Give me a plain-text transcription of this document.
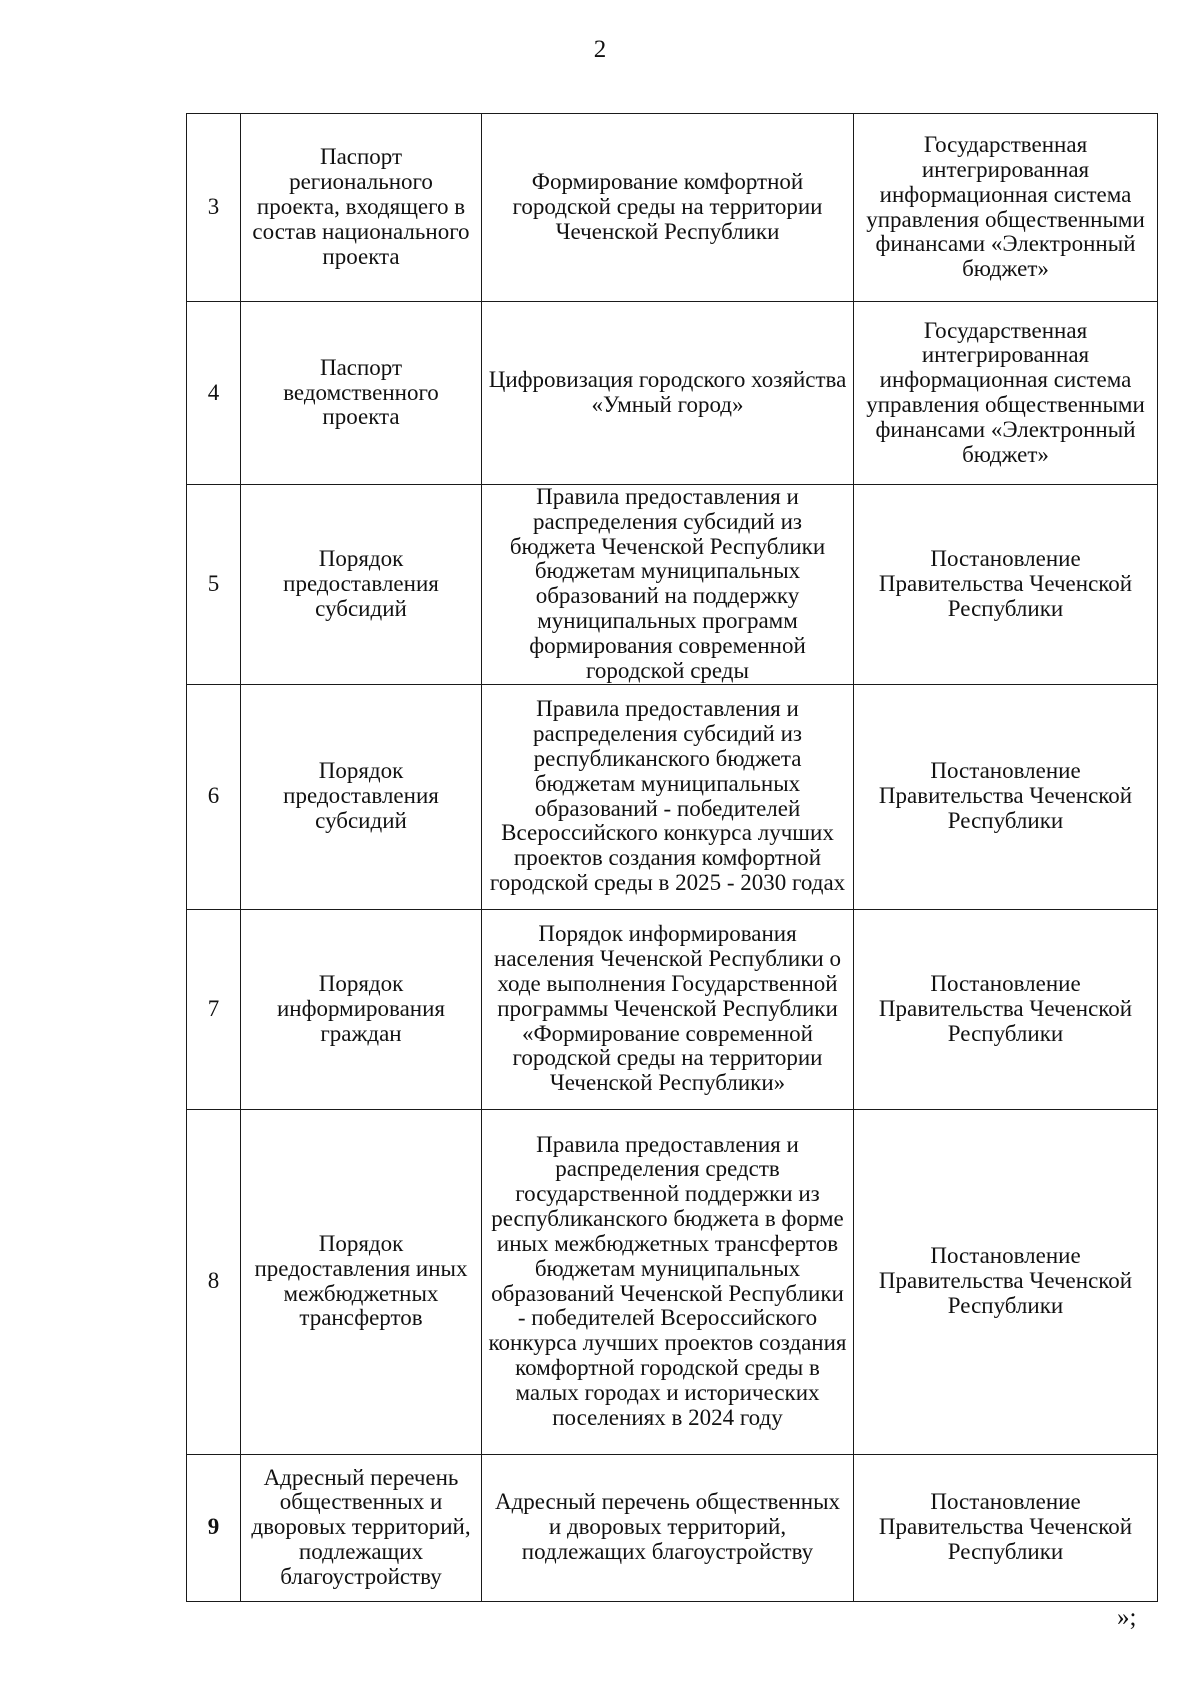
2
3	Паспорт регионального проекта, входящего в состав национального проекта	Формирование комфортной городской среды на территории Чеченской Республики	Государственная интегрированная информационная система управления общественными финансами «Электронный бюджет»
4	Паспорт ведомственного проекта	Цифровизация городского хозяйства «Умный город»	Государственная интегрированная информационная система управления общественными финансами «Электронный бюджет»
5	Порядок предоставления субсидий	Правила предоставления и распределения субсидий из бюджета Чеченской Республики бюджетам муниципальных образований на поддержку муниципальных программ формирования современной городской среды	Постановление Правительства Чеченской Республики
6	Порядок предоставления субсидий	Правила предоставления и распределения субсидий из республиканского бюджета бюджетам муниципальных образований - победителей Всероссийского конкурса лучших проектов создания комфортной городской среды в 2025 - 2030 годах	Постановление Правительства Чеченской Республики
7	Порядок информирования граждан	Порядок информирования населения Чеченской Республики о ходе выполнения Государственной программы Чеченской Республики «Формирование современной городской среды на территории Чеченской Республики»	Постановление Правительства Чеченской Республики
8	Порядок предоставления иных межбюджетных трансфертов	Правила предоставления и распределения средств государственной поддержки из республиканского бюджета в форме иных межбюджетных трансфертов бюджетам муниципальных образований Чеченской Республики - победителей Всероссийского конкурса лучших проектов создания комфортной городской среды в малых городах и исторических поселениях в 2024 году	Постановление Правительства Чеченской Республики
9	Адресный перечень общественных и дворовых территорий, подлежащих благоустройству	Адресный перечень общественных и дворовых территорий, подлежащих благоустройству	Постановление Правительства Чеченской Республики
»;
